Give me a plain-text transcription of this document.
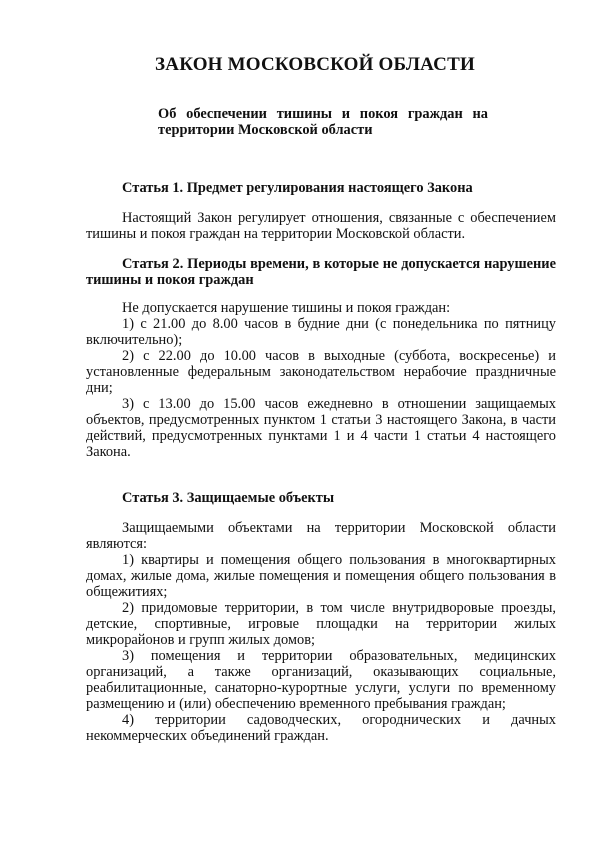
ЗАКОН МОСКОВСКОЙ ОБЛАСТИ

Об обеспечении тишины и покоя граждан на территории Московской области

Статья 1. Предмет регулирования настоящего Закона

Настоящий Закон регулирует отношения, связанные с обеспечением тишины и покоя граждан на территории Московской области.

Статья 2. Периоды времени, в которые не допускается нарушение тишины и покоя граждан

Не допускается нарушение тишины и покоя граждан:

1) с 21.00 до 8.00 часов в будние дни (с понедельника по пятницу включительно);

2) с 22.00 до 10.00 часов в выходные (суббота, воскресенье) и установленные федеральным законодательством нерабочие праздничные дни;

3) с 13.00 до 15.00 часов ежедневно в отношении защищаемых объектов, предусмотренных пунктом 1 статьи 3 настоящего Закона, в части действий, предусмотренных пунктами 1 и 4 части 1 статьи 4 настоящего Закона.

Статья 3. Защищаемые объекты

Защищаемыми объектами на территории Московской области являются:

1) квартиры и помещения общего пользования в многоквартирных домах, жилые дома, жилые помещения и помещения общего пользования в общежитиях;

2) придомовые территории, в том числе внутридворовые проезды, детские, спортивные, игровые площадки на территории жилых микрорайонов и групп жилых домов;

3) помещения и территории образовательных, медицинских организаций, а также организаций, оказывающих социальные, реабилитационные, санаторно-курортные услуги, услуги по временному размещению и (или) обеспечению временного пребывания граждан;

4) территории садоводческих, огороднических и дачных некоммерческих объединений граждан.
